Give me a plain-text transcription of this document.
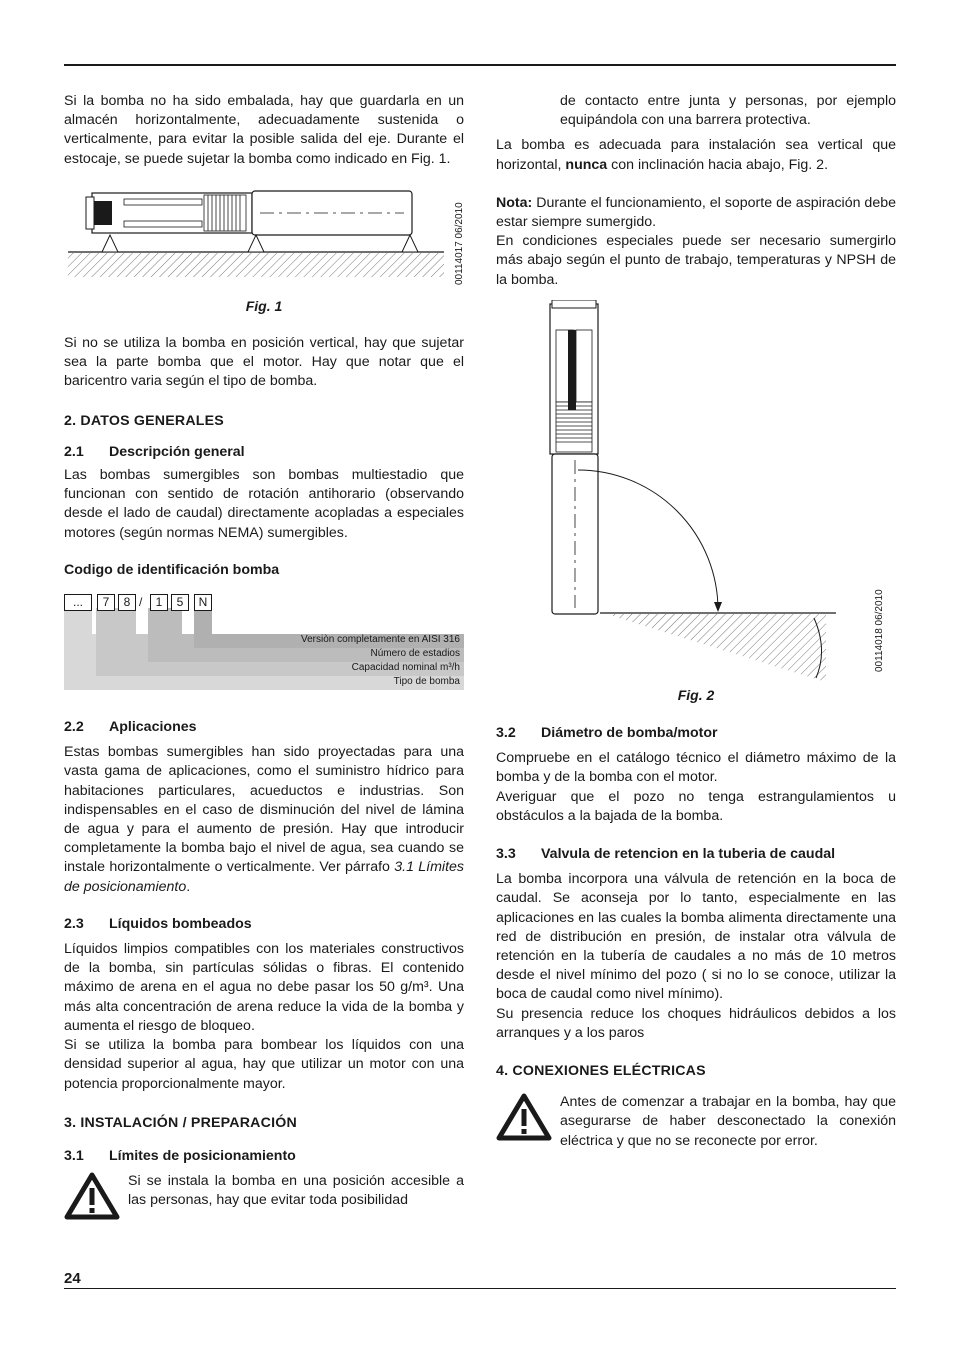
Si la bomba no ha sido embalada, hay que guardarla en un almacén horizontalmente, adecuadamente sustenida o verticalmente, para evitar la posible salida del eje. Durante el estocaje, se puede sujetar la bomba como indicado en Fig. 1.

00114017 06/2010
Fig. 1

Si no se utiliza la bomba en posición vertical, hay que sujetar sea la parte bomba que el motor. Hay que notar que el baricentro varia según el tipo de bomba.

2. DATOS GENERALES
2.1 Descripción general

Las bombas sumergibles son bombas multiestadio que funcionan con sentido de rotación antihorario (observando desde el lado de caudal) directamente acopladas a especiales motores (según normas NEMA) sumergibles.

Codigo de identificación bomba
...	7	8 /	1	5	N
Versiòn completamente en AISI 316
Número de estadios
Capacidad nominal m³/h
Tipo de bomba
2.2 Aplicaciones

Estas bombas sumergibles han sido proyectadas para una vasta gama de aplicaciones, como el suministro hídrico para habitaciones particulares, acueductos e industrias. Son indispensables en el caso de disminución del nivel de lámina de agua y para el aumento de presión. Hay que introducir completamente la bomba bajo el nivel de agua, sea cuando se instale horizontalmente o verticalmente. Ver párrafo 3.1 Límites de posicionamiento.

2.3 Líquidos bombeados

Líquidos limpios compatibles con los materiales constructivos de la bomba, sin partículas sólidas o fibras. El contenido máximo de arena en el agua no debe pasar los 50 g/m³. Una más alta concentración de arena reduce la vida de la bomba y aumenta el riesgo de bloqueo.

Si se utiliza la bomba para bombear los líquidos con una densidad superior al agua, hay que utilizar un motor con una potencia proporcionalmente mayor.

3. INSTALACIÓN / PREPARACIÓN
3.1 Límites de posicionamiento

Si se instala la bomba en una posición accesible a las personas, hay que evitar toda posibilidad

de contacto entre junta y personas, por ejemplo equipándola con una barrera protectiva.

La bomba es adecuada para instalación sea vertical que horizontal, nunca con inclinación hacia abajo, Fig. 2.

Nota: Durante el funcionamiento, el soporte de aspiración debe estar siempre sumergido.

En condiciones especiales puede ser necesario sumergirlo más abajo según el punto de trabajo, temperaturas y NPSH de la bomba.

00114018 06/2010
Fig. 2
3.2 Diámetro de bomba/motor

Compruebe en el catálogo técnico el diámetro máximo de la bomba y de la bomba con el motor.

Averiguar que el pozo no tenga estrangulamientos u obstáculos a la bajada de la bomba.

3.3	Valvula de retencion en la tuberia de caudal

La bomba incorpora una válvula de retención en la boca de caudal. Se aconseja por lo tanto, especialmente en las aplicaciones en las cuales la bomba alimenta directamente una red de distribución en presión, de instalar otra válvula de retención en la tubería de caudales a no más de 10 metros desde el nivel mínimo del pozo ( si no lo se conoce, utilizar la boca de caudal como nivel mínimo).

Su presencia reduce los choques hidráulicos debidos a los arranques y a los paros

4. CONEXIONES ELÉCTRICAS

Antes de comenzar a trabajar en la bomba, hay que asegurarse de haber desconectado la conexión eléctrica y que no se reconecte por error.

24
